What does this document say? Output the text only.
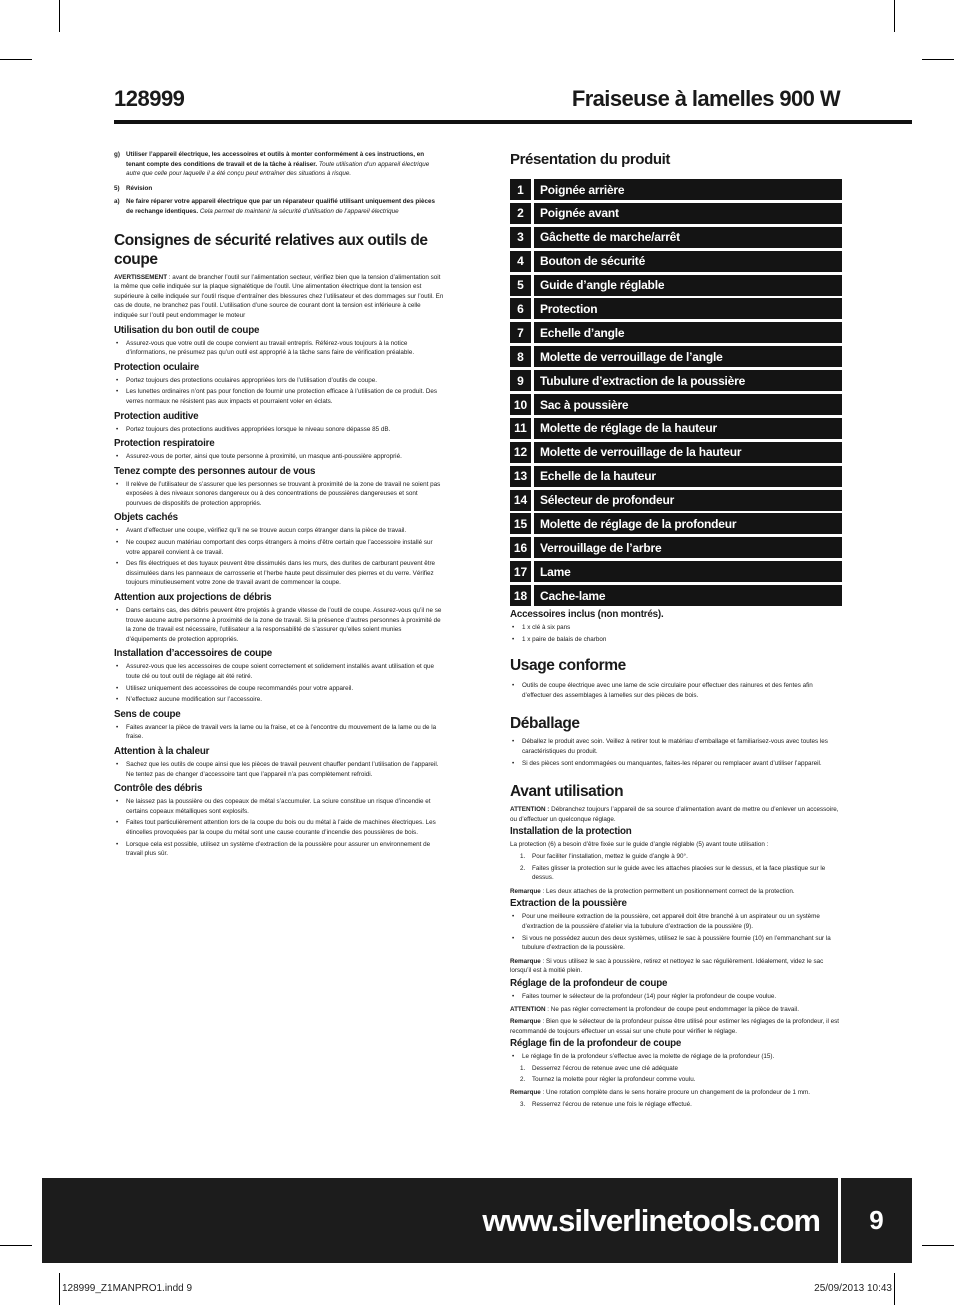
128999	Fraiseuse à lamelles 900 W
g) Utiliser l’appareil électrique, les accessoires et outils à monter conformément à ces instructions, en tenant compte des conditions de travail et de la tâche à réaliser. Toute utilisation d’un appareil électrique autre que celle pour laquelle il a été conçu peut entraîner des situations à risque.
5) Révision
a) Ne faire réparer votre appareil électrique que par un réparateur qualifié utilisant uniquement des pièces de rechange identiques. Cela permet de maintenir la sécurité d’utilisation de l’appareil électrique
Consignes de sécurité relatives aux outils de coupe
AVERTISSEMENT : avant de brancher l’outil sur l’alimentation secteur, vérifiez bien que la tension d’alimentation soit la même que celle indiquée sur la plaque signalétique de l’outil. Une alimentation électrique dont la tension est supérieure à celle indiquée sur l’outil risque d’entraîner des blessures chez l’utilisateur et des dommages sur l’outil. En cas de doute, ne branchez pas l’outil. L’utilisation d’une source de courant dont la tension est inférieure à celle indiquée sur l’outil peut endommager le moteur
Utilisation du bon outil de coupe
• Assurez-vous que votre outil de coupe convient au travail entrepris. Référez-vous toujours à la notice d’informations, ne présumez pas qu’un outil est approprié à la tâche sans faire de vérification préalable.
Protection oculaire
• Portez toujours des protections oculaires appropriées lors de l’utilisation d’outils de coupe.
• Les lunettes ordinaires n’ont pas pour fonction de fournir une protection efficace à l’utilisation de ce produit. Des verres normaux ne résistent pas aux impacts et pourraient voler en éclats.
Protection auditive
• Portez toujours des protections auditives appropriées lorsque le niveau sonore dépasse 85 dB.
Protection respiratoire
• Assurez-vous de porter, ainsi que toute personne à proximité, un masque anti-poussière approprié.
Tenez compte des personnes autour de vous
• Il relève de l’utilisateur de s’assurer que les personnes se trouvant à proximité de la zone de travail ne soient pas exposées à des niveaux sonores dangereux ou à des concentrations de poussières dangereuses et sont pourvues de dispositifs de protection appropriés.
Objets cachés
• Avant d’effectuer une coupe, vérifiez qu’il ne se trouve aucun corps étranger dans la pièce de travail.
• Ne coupez aucun matériau comportant des corps étrangers à moins d’être certain que l’accessoire installé sur votre appareil convient à ce travail.
• Des fils électriques et des tuyaux peuvent être dissimulés dans les murs, des durites de carburant peuvent être dissimulées dans les panneaux de carrosserie et l’herbe haute peut dissimuler des pierres et du verre. Vérifiez toujours minutieusement votre zone de travail avant de commencer la coupe.
Attention aux projections de débris
• Dans certains cas, des débris peuvent être projetés à grande vitesse de l’outil de coupe. Assurez-vous qu’il ne se trouve aucune autre personne à proximité de la zone de travail. Si la présence d’autres personnes à proximité de la zone de travail est nécessaire, l’utilisateur a la responsabilité de s’assurer qu’elles soient munies d’équipements de protection appropriés.
Installation d’accessoires de coupe
• Assurez-vous que les accessoires de coupe soient correctement et solidement installés avant utilisation et que toute clé ou tout outil de réglage ait été retiré.
• Utilisez uniquement des accessoires de coupe recommandés pour votre appareil.
• N’effectuez aucune modification sur l’accessoire.
Sens de coupe
• Faites avancer la pièce de travail vers la lame ou la fraise, et ce à l’encontre du mouvement de la lame ou de la fraise.
Attention à la chaleur
• Sachez que les outils de coupe ainsi que les pièces de travail peuvent chauffer pendant l’utilisation de l’appareil. Ne tentez pas de changer d’accessoire tant que l’appareil n’a pas complètement refroidi.
Contrôle des débris
• Ne laissez pas la poussière ou des copeaux de métal s’accumuler. La sciure constitue un risque d’incendie et certains copeaux métalliques sont explosifs.
• Faites tout particulièrement attention lors de la coupe du bois ou du métal à l’aide de machines électriques. Les étincelles provoquées par la coupe du métal sont une cause courante d’incendie des poussières de bois.
• Lorsque cela est possible, utilisez un système d’extraction de la poussière pour assurer un environnement de travail plus sûr.
Présentation du produit
1	Poignée arrière
2	Poignée avant
3	Gâchette de marche/arrêt
4	Bouton de sécurité
5	Guide d’angle réglable
6	Protection
7	Echelle d’angle
8	Molette de verrouillage de l’angle
9	Tubulure d’extraction de la poussière
10	Sac à poussière
11	Molette de réglage de la hauteur
12	Molette de verrouillage de la hauteur
13	Echelle de la hauteur
14	Sélecteur de profondeur
15	Molette de réglage de la profondeur
16	Verrouillage de l’arbre
17	Lame
18	Cache-lame
Accessoires inclus (non montrés).
• 1 x clé à six pans
• 1 x paire de balais de charbon
Usage conforme
• Outils de coupe électrique avec une lame de scie circulaire pour effectuer des rainures et des fentes afin d’effectuer des assemblages à lamelles sur des pièces de bois.
Déballage
• Déballez le produit avec soin. Veillez à retirer tout le matériau d’emballage et familiarisez-vous avec toutes les caractéristiques du produit.
• Si des pièces sont endommagées ou manquantes, faites-les réparer ou remplacer avant d’utiliser l’appareil.
Avant utilisation
ATTENTION : Débranchez toujours l’appareil de sa source d’alimentation avant de mettre ou d’enlever un accessoire, ou d’effectuer un quelconque réglage.
Installation de la protection
La protection (6) a besoin d’être fixée sur le guide d’angle réglable (5) avant toute utilisation :
1. Pour faciliter l’installation, mettez le guide d’angle à 90°.
2. Faites glisser la protection sur le guide avec les attaches placées sur le dessus, et la face plastique sur le dessus.
Remarque : Les deux attaches de la protection permettent un positionnement correct de la protection.
Extraction de la poussière
• Pour une meilleure extraction de la poussière, cet appareil doit être branché à un aspirateur ou un système d’extraction de la poussière d’atelier via la tubulure d’extraction de la poussière (9).
• Si vous ne possédez aucun des deux systèmes, utilisez le sac à poussière fournie (10) en l’emmanchant sur la tubulure d’extraction de la poussière.
Remarque : Si vous utilisez le sac à poussière, retirez et nettoyez le sac régulièrement. Idéalement, videz le sac lorsqu’il est à moitié plein.
Réglage de la profondeur de coupe
• Faites tourner le sélecteur de la profondeur (14) pour régler la profondeur de coupe voulue.
ATTENTION : Ne pas régler correctement la profondeur de coupe peut endommager la pièce de travail.
Remarque : Bien que le sélecteur de la profondeur puisse être utilisé pour estimer les réglages de la profondeur, il est recommandé de toujours effectuer un essai sur une chute pour vérifier le réglage.
Réglage fin de la profondeur de coupe
• Le réglage fin de la profondeur s’effectue avec la molette de réglage de la profondeur (15).
1. Desserrez l’écrou de retenue avec une clé adéquate
2. Tournez la molette pour régler la profondeur comme voulu.
Remarque : Une rotation complète dans le sens horaire procure un changement de la profondeur de 1 mm.
3. Resserrez l’écrou de retenue une fois le réglage effectué.
www.silverlinetools.com	9
128999_Z1MANPRO1.indd 9	25/09/2013 10:43
